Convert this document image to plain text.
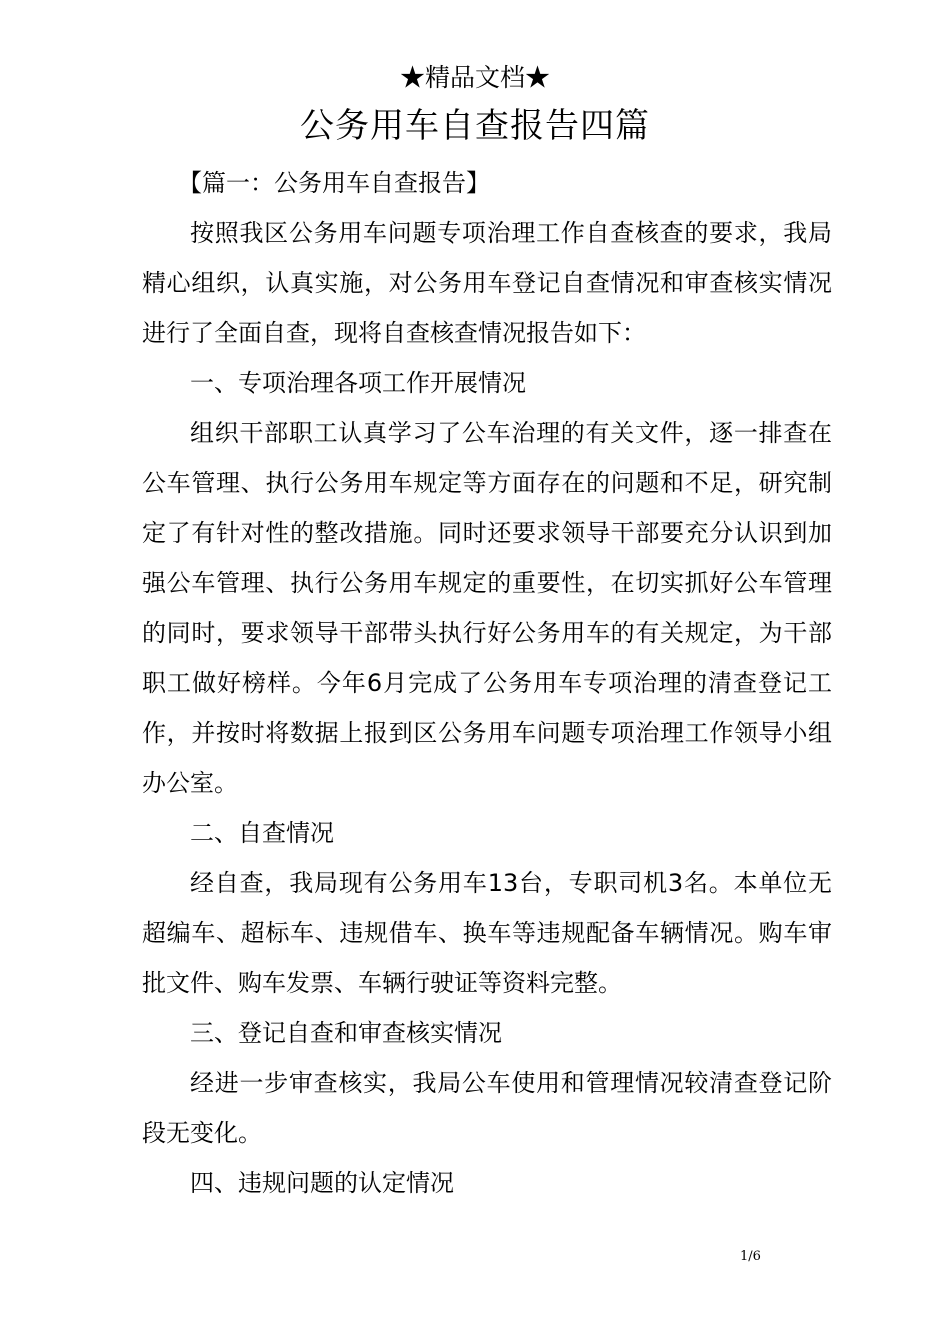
★精品文档★
公务用车自查报告四篇

【篇一：公务用车自查报告】

按照我区公务用车问题专项治理工作自查核查的要求，我局精心组织，认真实施，对公务用车登记自查情况和审查核实情况进行了全面自查，现将自查核查情况报告如下：

一、专项治理各项工作开展情况

组织干部职工认真学习了公车治理的有关文件，逐一排查在公车管理、执行公务用车规定等方面存在的问题和不足，研究制定了有针对性的整改措施。同时还要求领导干部要充分认识到加强公车管理、执行公务用车规定的重要性，在切实抓好公车管理的同时，要求领导干部带头执行好公务用车的有关规定，为干部职工做好榜样。今年6月完成了公务用车专项治理的清查登记工作，并按时将数据上报到区公务用车问题专项治理工作领导小组办公室。

二、自查情况

经自查，我局现有公务用车13台，专职司机3名。本单位无超编车、超标车、违规借车、换车等违规配备车辆情况。购车审批文件、购车发票、车辆行驶证等资料完整。

三、登记自查和审查核实情况

经进一步审查核实，我局公车使用和管理情况较清查登记阶段无变化。

四、违规问题的认定情况

1/6
